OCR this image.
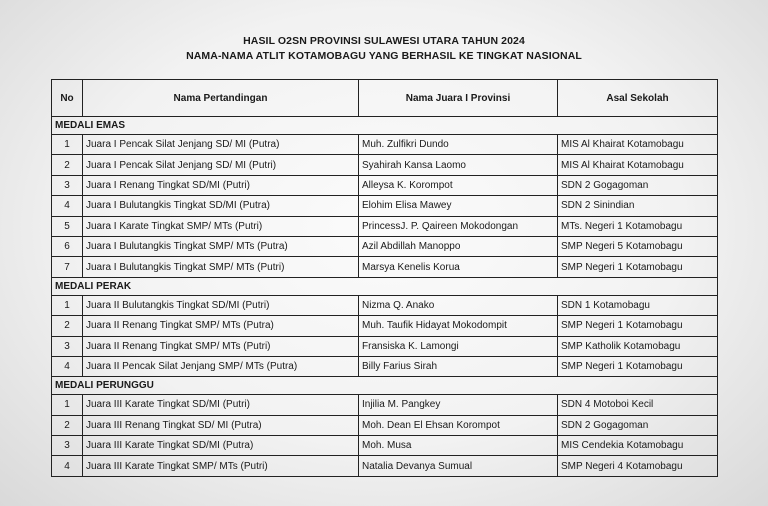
HASIL O2SN PROVINSI SULAWESI UTARA TAHUN 2024
NAMA-NAMA ATLIT KOTAMOBAGU YANG BERHASIL KE TINGKAT NASIONAL
No	Nama Pertandingan	Nama Juara I Provinsi	Asal Sekolah
MEDALI EMAS			
1	Juara I Pencak Silat Jenjang SD/ MI (Putra)	Muh. Zulfikri Dundo	MIS Al Khairat Kotamobagu
2	Juara I Pencak Silat Jenjang SD/ MI (Putri)	Syahirah Kansa Laomo	MIS Al Khairat Kotamobagu
3	Juara I Renang Tingkat SD/MI (Putri)	Alleysa K. Korompot	SDN 2 Gogagoman
4	Juara I Bulutangkis Tingkat SD/MI (Putra)	Elohim Elisa Mawey	SDN 2 Sinindian
5	Juara I Karate Tingkat SMP/ MTs (Putri)	PrincessJ. P. Qaireen Mokodongan	MTs. Negeri 1 Kotamobagu
6	Juara I Bulutangkis Tingkat SMP/ MTs (Putra)	Azil Abdillah Manoppo	SMP Negeri 5 Kotamobagu
7	Juara I Bulutangkis Tingkat SMP/ MTs (Putri)	Marsya Kenelis Korua	SMP Negeri 1 Kotamobagu
MEDALI PERAK			
1	Juara II Bulutangkis Tingkat SD/MI (Putri)	Nizma Q. Anako	SDN 1 Kotamobagu
2	Juara II Renang Tingkat SMP/ MTs (Putra)	Muh. Taufik Hidayat Mokodompit	SMP Negeri 1 Kotamobagu
3	Juara II Renang Tingkat SMP/ MTs (Putri)	Fransiska K. Lamongi	SMP Katholik Kotamobagu
4	Juara II Pencak Silat Jenjang SMP/ MTs (Putra)	Billy Farius Sirah	SMP Negeri 1 Kotamobagu
MEDALI PERUNGGU			
1	Juara III Karate Tingkat SD/MI (Putri)	Injilia M. Pangkey	SDN 4 Motoboi Kecil
2	Juara III Renang Tingkat SD/ MI (Putra)	Moh. Dean El Ehsan Korompot	SDN 2 Gogagoman
3	Juara III Karate Tingkat SD/MI (Putra)	Moh. Musa	MIS Cendekia Kotamobagu
4	Juara III Karate Tingkat SMP/ MTs (Putri)	Natalia Devanya Sumual	SMP Negeri 4 Kotamobagu
